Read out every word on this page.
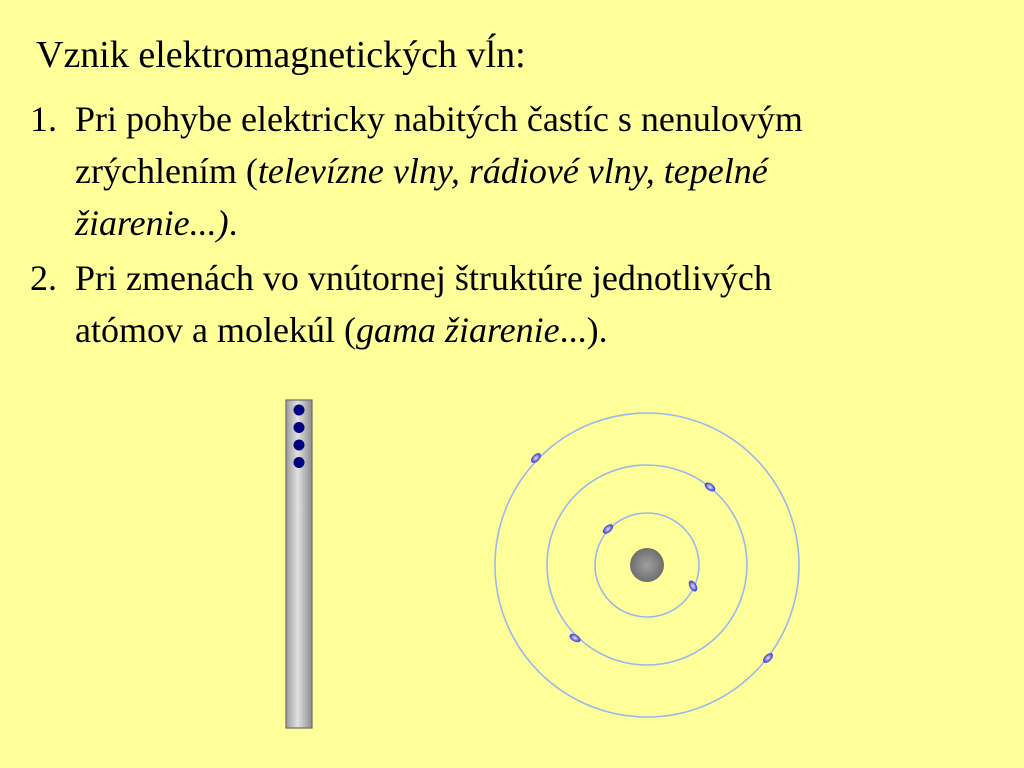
Vznik elektromagnetických vĺn:
1. Pri pohybe elektricky nabitých častíc s nenulovým
zrýchlením (televízne vlny, rádiové vlny, tepelné
žiarenie...).
2. Pri zmenách vo vnútornej štruktúre jednotlivých
atómov a molekúl (gama žiarenie...).
